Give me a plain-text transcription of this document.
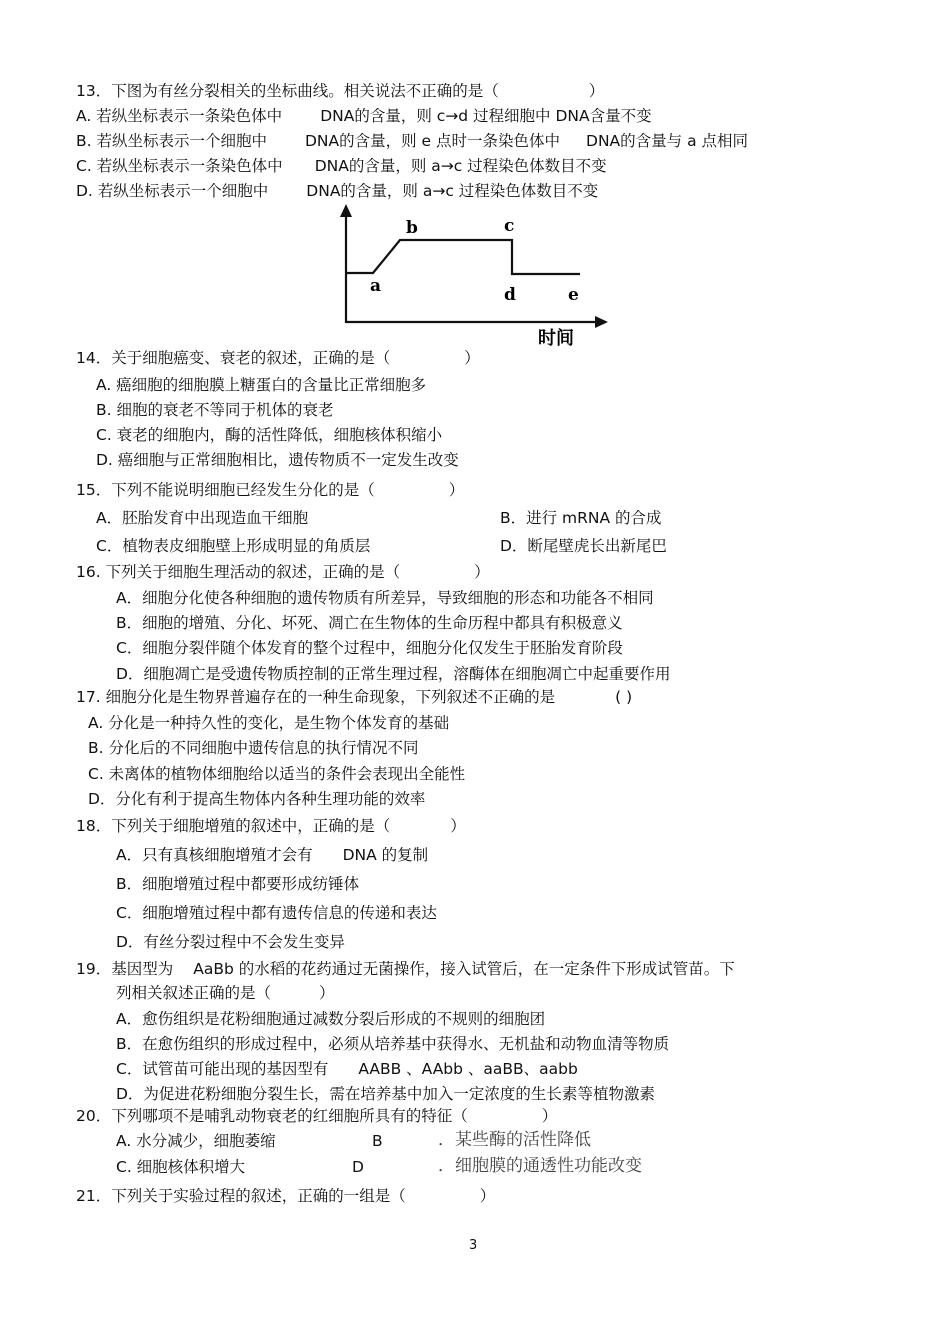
13．下图为有丝分裂相关的坐标曲线。相关说法不正确的是（	）
A. 若纵坐标表示一条染色体中 DNA的含量，则 c→d 过程细胞中 DNA含量不变
B. 若纵坐标表示一个细胞中 DNA的含量，则 e 点时一条染色体中 DNA的含量与 a 点相同
C. 若纵坐标表示一条染色体中 DNA的含量，则 a→c 过程染色体数目不变
D. 若纵坐标表示一个细胞中 DNA的含量，则 a→c 过程染色体数目不变
a
b	c
d	e
时间
14．关于细胞癌变、衰老的叙述，正确的是（	）
A. 癌细胞的细胞膜上糖蛋白的含量比正常细胞多
B. 细胞的衰老不等同于机体的衰老
C. 衰老的细胞内，酶的活性降低，细胞核体积缩小
D. 癌细胞与正常细胞相比，遗传物质不一定发生改变
15．下列不能说明细胞已经发生分化的是（	）
A．胚胎发育中出现造血干细胞	B．进行 mRNA 的合成
C．植物表皮细胞壁上形成明显的角质层	D．断尾壁虎长出新尾巴
16. 下列关于细胞生理活动的叙述，正确的是（	）
A．细胞分化使各种细胞的遗传物质有所差异，导致细胞的形态和功能各不相同
B．细胞的增殖、分化、坏死、凋亡在生物体的生命历程中都具有积极意义
C．细胞分裂伴随个体发育的整个过程中，细胞分化仅发生于胚胎发育阶段
D．细胞凋亡是受遗传物质控制的正常生理过程，溶酶体在细胞凋亡中起重要作用
17. 细胞分化是生物界普遍存在的一种生命现象，下列叙述不正确的是	( )
A. 分化是一种持久性的变化，是生物个体发育的基础
B. 分化后的不同细胞中遗传信息的执行情况不同
C. 未离体的植物体细胞给以适当的条件会表现出全能性
D．分化有利于提高生物体内各种生理功能的效率
18．下列关于细胞增殖的叙述中，正确的是（	）
A．只有真核细胞增殖才会有 DNA 的复制
B．细胞增殖过程中都要形成纺锤体
C．细胞增殖过程中都有遗传信息的传递和表达
D．有丝分裂过程中不会发生变异
19．基因型为 AaBb 的水稻的花药通过无菌操作，接入试管后，在一定条件下形成试管苗。下
列相关叙述正确的是（	）
A．愈伤组织是花粉细胞通过减数分裂后形成的不规则的细胞团
B．在愈伤组织的形成过程中，必须从培养基中获得水、无机盐和动物血清等物质
C．试管苗可能出现的基因型有 AABB 、AAbb 、aaBB、aabb
D．为促进花粉细胞分裂生长，需在培养基中加入一定浓度的生长素等植物激素
20．下列哪项不是哺乳动物衰老的红细胞所具有的特征（	）
A. 水分减少，细胞萎缩	B	．某些酶的活性降低
C. 细胞核体积增大	D	．细胞膜的通透性功能改变
21．下列关于实验过程的叙述，正确的一组是（	）
3
